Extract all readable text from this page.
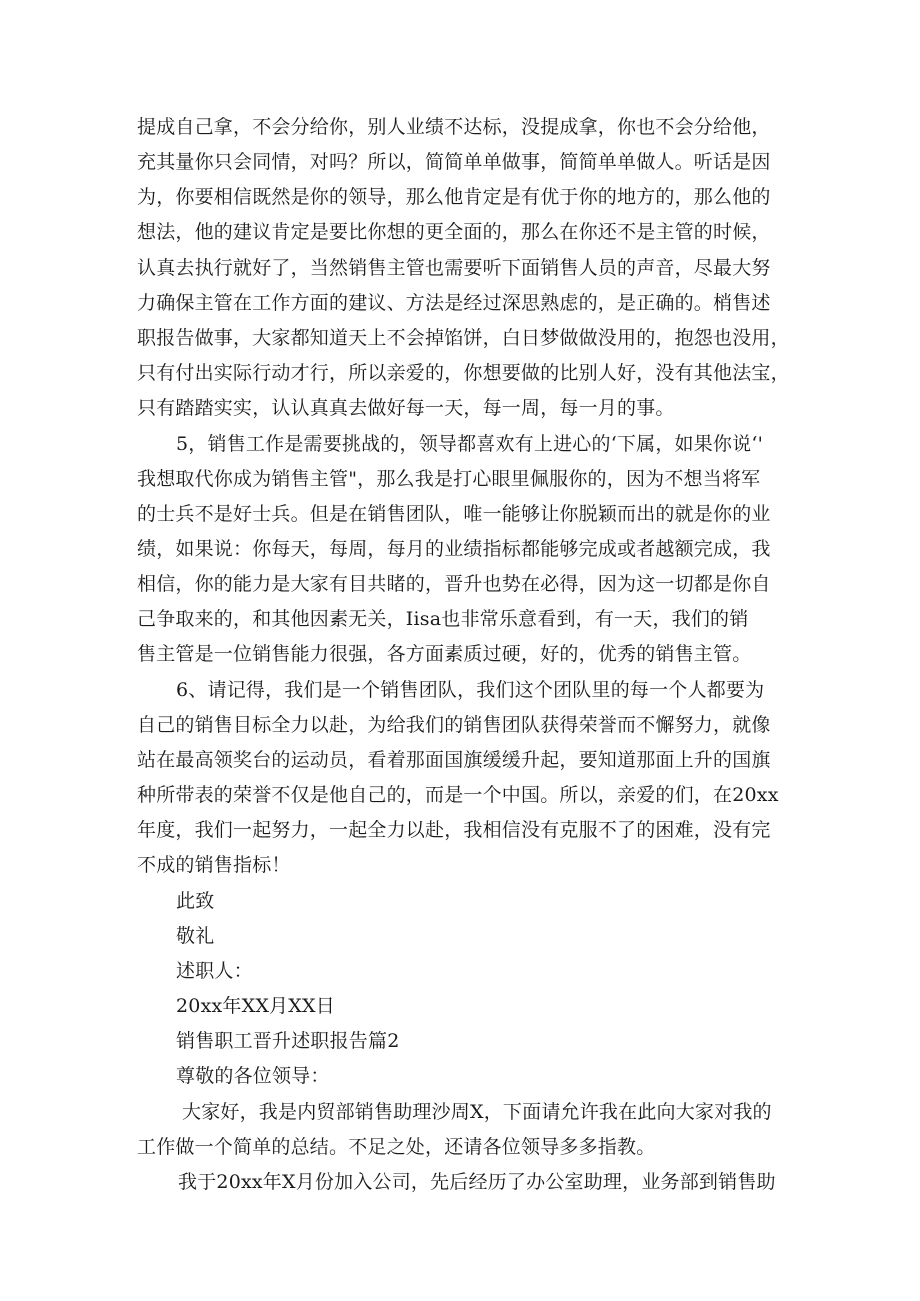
提成自己拿，不会分给你，别人业绩不达标，没提成拿，你也不会分给他，
充其量你只会同情，对吗？所以，简简单单做事，简简单单做人。听话是因
为，你要相信既然是你的领导，那么他肯定是有优于你的地方的，那么他的
想法，他的建议肯定是要比你想的更全面的，那么在你还不是主管的时候，
认真去执行就好了，当然销售主管也需要听下面销售人员的声音，尽最大努
力确保主管在工作方面的建议、方法是经过深思熟虑的，是正确的。梢售述
职报告做事，大家都知道天上不会掉馅饼，白日梦做做没用的，抱怨也没用，
只有付出实际行动才行，所以亲爱的，你想要做的比别人好，没有其他法宝，
只有踏踏实实，认认真真去做好每一天，每一周，每一月的事。
5，销售工作是需要挑战的，领导都喜欢有上进心的‘下属，如果你说‘'
我想取代你成为销售主管"，那么我是打心眼里佩服你的，因为不想当将军
的士兵不是好士兵。但是在销售团队，唯一能够让你脱颖而出的就是你的业
绩，如果说：你每天，每周，每月的业绩指标都能够完成或者越额完成，我
相信，你的能力是大家有目共睹的，晋升也势在必得，因为这一切都是你自
己争取来的，和其他因素无关，Iisa也非常乐意看到，有一天，我们的销
售主管是一位销售能力很强，各方面素质过硬，好的，优秀的销售主管。
6、请记得，我们是一个销售团队，我们这个团队里的每一个人都要为
自己的销售目标全力以赴，为给我们的销售团队获得荣誉而不懈努力，就像
站在最高领奖台的运动员，看着那面国旗缓缓升起，要知道那面上升的国旗
种所带表的荣誉不仅是他自己的，而是一个中国。所以，亲爱的们，在20xx
年度，我们一起努力，一起全力以赴，我相信没有克服不了的困难，没有完
不成的销售指标！
此致
敬礼
述职人：
20xx年XX月XX日
销售职工晋升述职报告篇2
尊敬的各位领导：
大家好，我是内贸部销售助理沙周X，下面请允许我在此向大家对我的
工作做一个简单的总结。不足之处，还请各位领导多多指教。
我于20xx年X月份加入公司，先后经历了办公室助理，业务部到销售助
